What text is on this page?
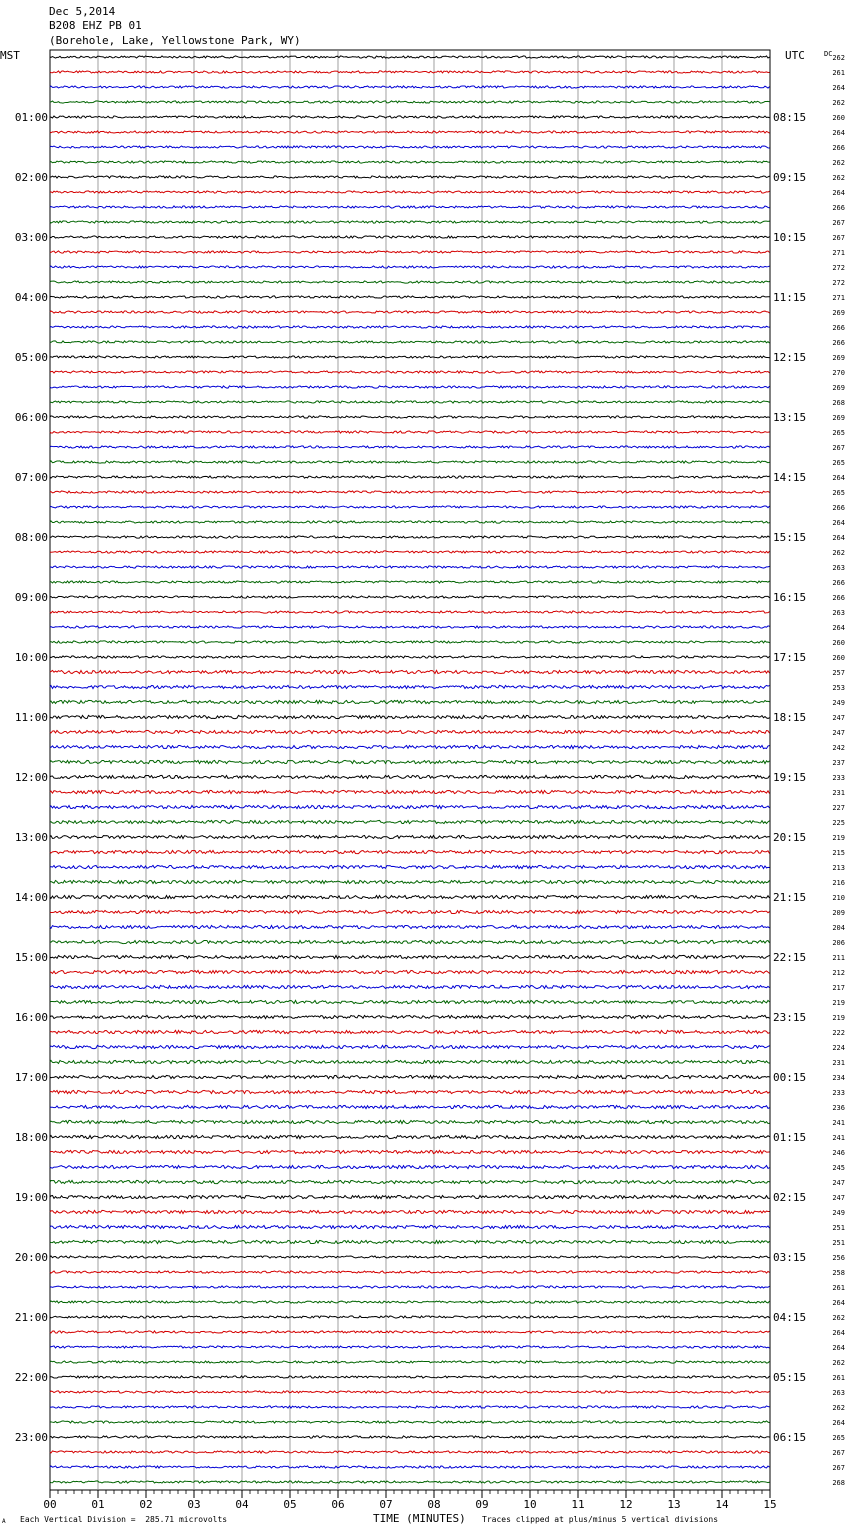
Dec 5,2014
B208 EHZ PB 01
(Borehole, Lake, Yellowstone Park, WY)
MST	UTC	DC 262
261
264
262
260
264
266
262
262
264
266
267
267
271
272
272
271
269
266
266
269
270
269
268
269
265
267
265
264
265
266
264
264
262
263
266
266
263
264
260
260
257
253
249
247
247
242
237
233
231
227
225
219
215
213
216
210
209
204
206
211
212
217
219
219
222
224
231
234
233
236
241
241
246
245
247
247
249
251
251
256
258
261
264
262
264
264
262
261
263
262
264
265
267
267
268
01:00
02:00
03:00
04:00
05:00
06:00
07:00
08:00
09:00
10:00
11:00
12:00
13:00
14:00
15:00
16:00
17:00
18:00
19:00
20:00
21:00
22:00
23:00
08:15
09:15
10:15
11:15
12:15
13:15
14:15
15:15
16:15
17:15
18:15
19:15
20:15
21:15
22:15
23:15
00:15
01:15
02:15
03:15
04:15
05:15
06:15
00	01	02	03	04	05	06	07	08	09	10	11	12	13	14	15
TIME (MINUTES)
Each Vertical Division =  285.71 microvolts	Traces clipped at plus/minus 5 vertical divisions
A
